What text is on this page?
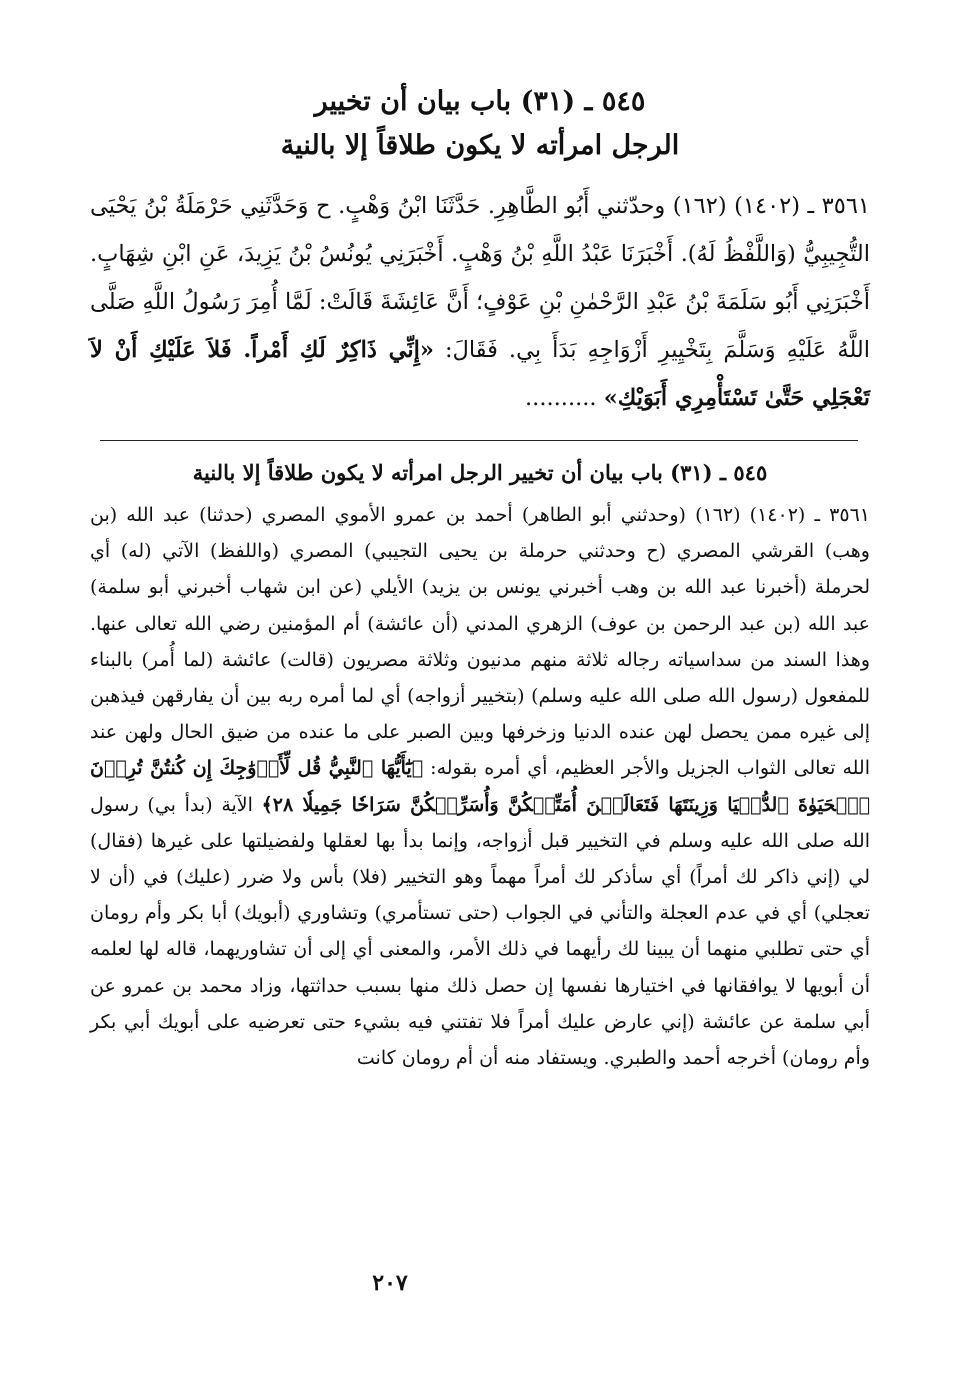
٥٤٥ ـ (٣١) باب بيان أن تخيير
الرجل امرأته لا يكون طلاقاً إلا بالنية
٣٥٦١ ـ (١٤٠٢) (١٦٢) وحدّثني أَبُو الطَّاهِرِ. حَدَّثَنَا ابْنُ وَهْبٍ. ح وَحَدَّثَنِي حَرْمَلَةُ بْنُ يَحْيَى التُّجِيبِيُّ (وَاللَّفْظُ لَهُ). أَخْبَرَنَا عَبْدُ اللَّهِ بْنُ وَهْبٍ. أَخْبَرَنِي يُونُسُ بْنُ يَزِيدَ، عَنِ ابْنِ شِهَابٍ. أَخْبَرَنِي أَبُو سَلَمَةَ بْنُ عَبْدِ الرَّحْمٰنِ بْنِ عَوْفٍ؛ أَنَّ عَائِشَةَ قَالَتْ: لَمَّا أُمِرَ رَسُولُ اللَّهِ صَلَّى اللَّهُ عَلَيْهِ وَسَلَّمَ بِتَخْيِيرِ أَزْوَاجِهِ بَدَأَ بِي. فَقَالَ: «إِنِّي ذَاكِرٌ لَكِ أَمْراً. فَلاَ عَلَيْكِ أَنْ لاَ تَعْجَلِي حَتَّىٰ تَسْتَأْمِرِي أَبَوَيْكِ» ..........
٥٤٥ ـ (٣١) باب بيان أن تخيير الرجل امرأته لا يكون طلاقاً إلا بالنية
٣٥٦١ ـ (١٤٠٢) (١٦٢) (وحدثني أبو الطاهر) أحمد بن عمرو الأموي المصري (حدثنا) عبد الله (بن وهب) القرشي المصري (ح وحدثني حرملة بن يحيى التجيبي) المصري (واللفظ) الآتي (له) أي لحرملة (أخبرنا عبد الله بن وهب أخبرني يونس بن يزيد) الأيلي (عن ابن شهاب أخبرني أبو سلمة) عبد الله (بن عبد الرحمن بن عوف) الزهري المدني (أن عائشة) أم المؤمنين رضي الله تعالى عنها. وهذا السند من سداسياته رجاله ثلاثة منهم مدنيون وثلاثة مصريون (قالت) عائشة (لما أُمر) بالبناء للمفعول (رسول الله صلى الله عليه وسلم) (بتخيير أزواجه) أي لما أمره ربه بين أن يفارقهن فيذهبن إلى غيره ممن يحصل لهن عنده الدنيا وزخرفها وبين الصبر على ما عنده من ضيق الحال ولهن عند الله تعالى الثواب الجزيل والأجر العظيم، أي أمره بقوله: ﴿يَٰٓأَيُّهَا ٱلنَّبِيُّ قُل لِّأَزۡوَٰجِكَ إِن كُنتُنَّ تُرِدۡنَ ٱلۡحَيَوٰةَ ٱلدُّنۡيَا وَزِينَتَهَا فَتَعَالَيۡنَ أُمَتِّعۡكُنَّ وَأُسَرِّحۡكُنَّ سَرَاحٗا جَمِيلٗا ٢٨﴾ الآية (بدأ بي) رسول الله صلى الله عليه وسلم في التخيير قبل أزواجه، وإنما بدأ بها لعقلها ولفضيلتها على غيرها (فقال) لي (إني ذاكر لك أمراً) أي سأذكر لك أمراً مهماً وهو التخيير (فلا) بأس ولا ضرر (عليك) في (أن لا تعجلي) أي في عدم العجلة والتأني في الجواب (حتى تستأمري) وتشاوري (أبويك) أبا بكر وأم رومان أي حتى تطلبي منهما أن يبينا لك رأيهما في ذلك الأمر، والمعنى أي إلى أن تشاوريهما، قاله لها لعلمه أن أبويها لا يوافقانها في اختيارها نفسها إن حصل ذلك منها بسبب حداثتها، وزاد محمد بن عمرو عن أبي سلمة عن عائشة (إني عارض عليك أمراً فلا تفتني فيه بشيء حتى تعرضيه على أبويك أبي بكر وأم رومان) أخرجه أحمد والطبري. ويستفاد منه أن أم رومان كانت
٢٠٧
